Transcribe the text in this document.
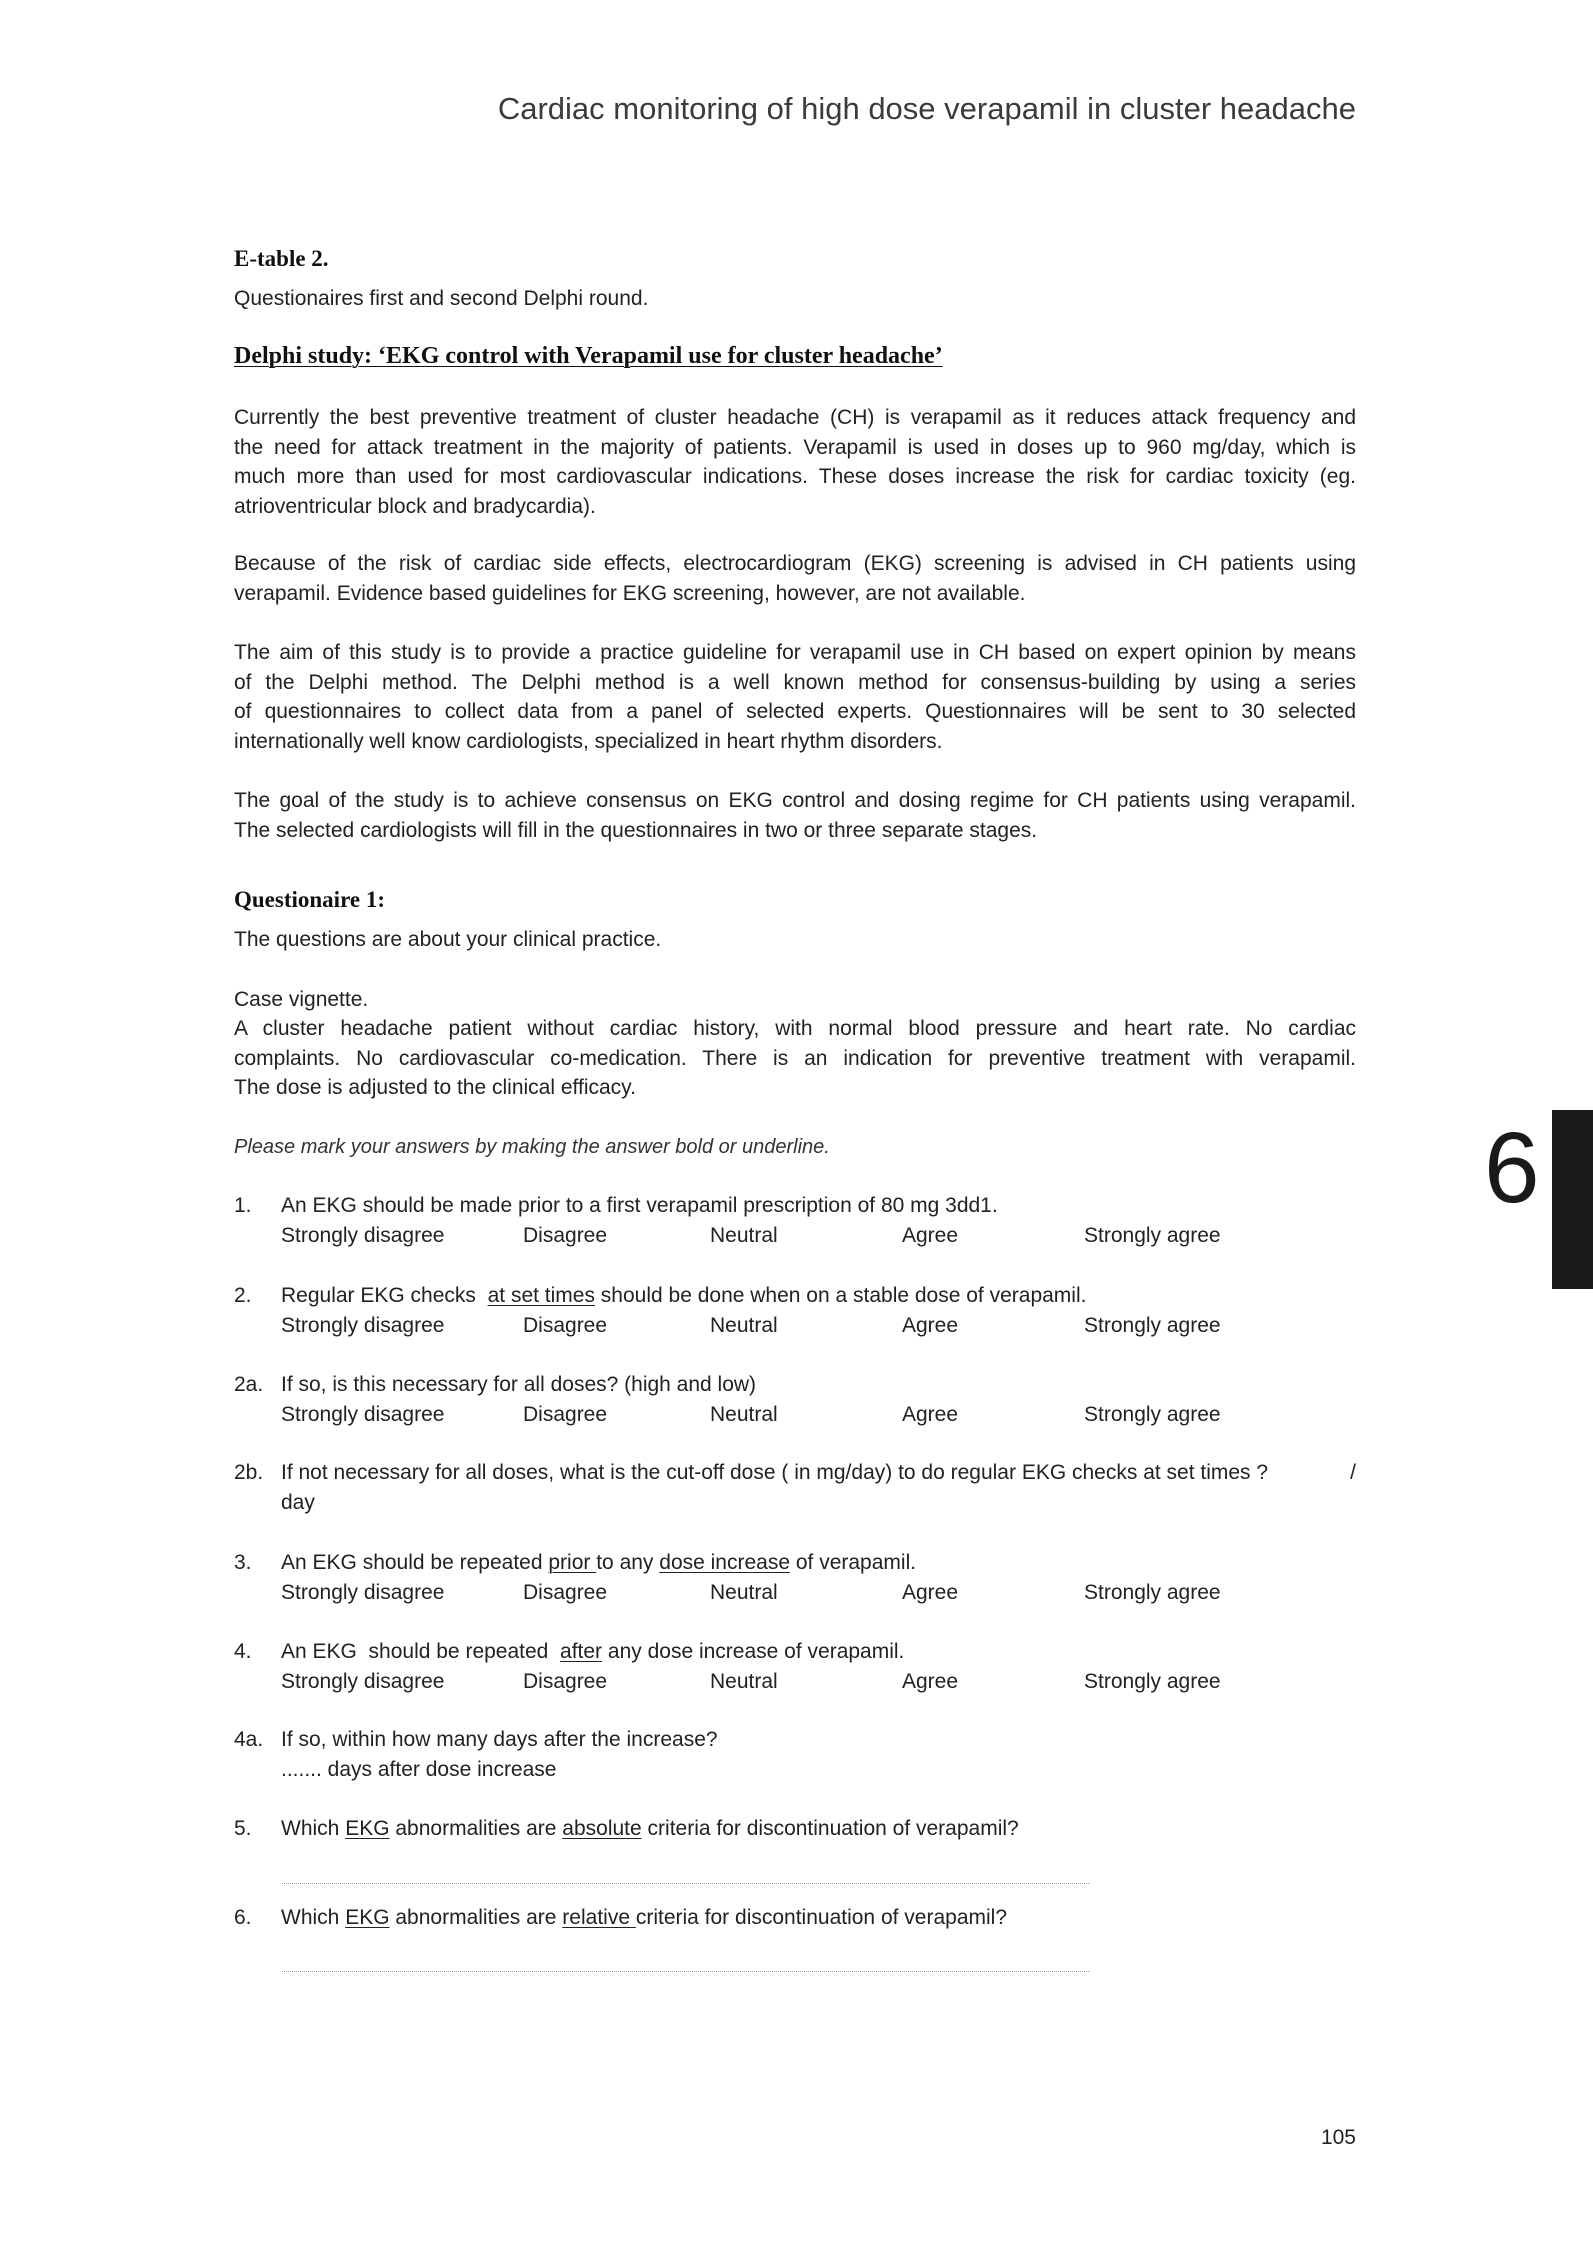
Cardiac monitoring of high dose verapamil in cluster headache
E-table 2.
Questionaires first and second Delphi round.
Delphi study: ‘EKG control with Verapamil use for cluster headache’
Currently the best preventive treatment of cluster headache (CH) is verapamil as it reduces attack frequency and
the need for attack treatment in the majority of patients. Verapamil is used in doses up to 960 mg/day, which is
much more than used for most cardiovascular indications. These doses increase the risk for cardiac toxicity (eg.
atrioventricular block and bradycardia).
Because of the risk of cardiac side effects, electrocardiogram (EKG) screening is advised in CH patients using
verapamil. Evidence based guidelines for EKG screening, however, are not available.
The aim of this study is to provide a practice guideline for verapamil use in CH based on expert opinion by means
of the Delphi method. The Delphi method is a well known method for consensus-building by using a series
of questionnaires to collect data from a panel of selected experts. Questionnaires will be sent to 30 selected
internationally well know cardiologists, specialized in heart rhythm disorders.
The goal of the study is to achieve consensus on EKG control and dosing regime for CH patients using verapamil.
The selected cardiologists will fill in the questionnaires in two or three separate stages.
Questionaire 1:
The questions are about your clinical practice.
Case vignette.
A cluster headache patient without cardiac history, with normal blood pressure and heart rate. No cardiac
complaints. No cardiovascular co-medication. There is an indication for preventive treatment with verapamil.
The dose is adjusted to the clinical efficacy.
Please mark your answers by making the answer bold or underline.
1. An EKG should be made prior to a first verapamil prescription of 80 mg 3dd1.
Strongly disagree	Disagree	Neutral	Agree	Strongly agree
2. Regular EKG checks  at set times should be done when on a stable dose of verapamil.
Strongly disagree	Disagree	Neutral	Agree	Strongly agree
2a. If so, is this necessary for all doses? (high and low)
Strongly disagree	Disagree	Neutral	Agree	Strongly agree
2b. If not necessary for all doses, what is the cut-off dose ( in mg/day) to do regular EKG checks at set times ?	/
day
3. An EKG should be repeated prior to any dose increase of verapamil.
Strongly disagree	Disagree	Neutral	Agree	Strongly agree
4. An EKG  should be repeated  after any dose increase of verapamil.
Strongly disagree	Disagree	Neutral	Agree	Strongly agree
4a. If so, within how many days after the increase?
....... days after dose increase
5. Which EKG abnormalities are absolute criteria for discontinuation of verapamil?
6. Which EKG abnormalities are relative criteria for discontinuation of verapamil?
6
105
